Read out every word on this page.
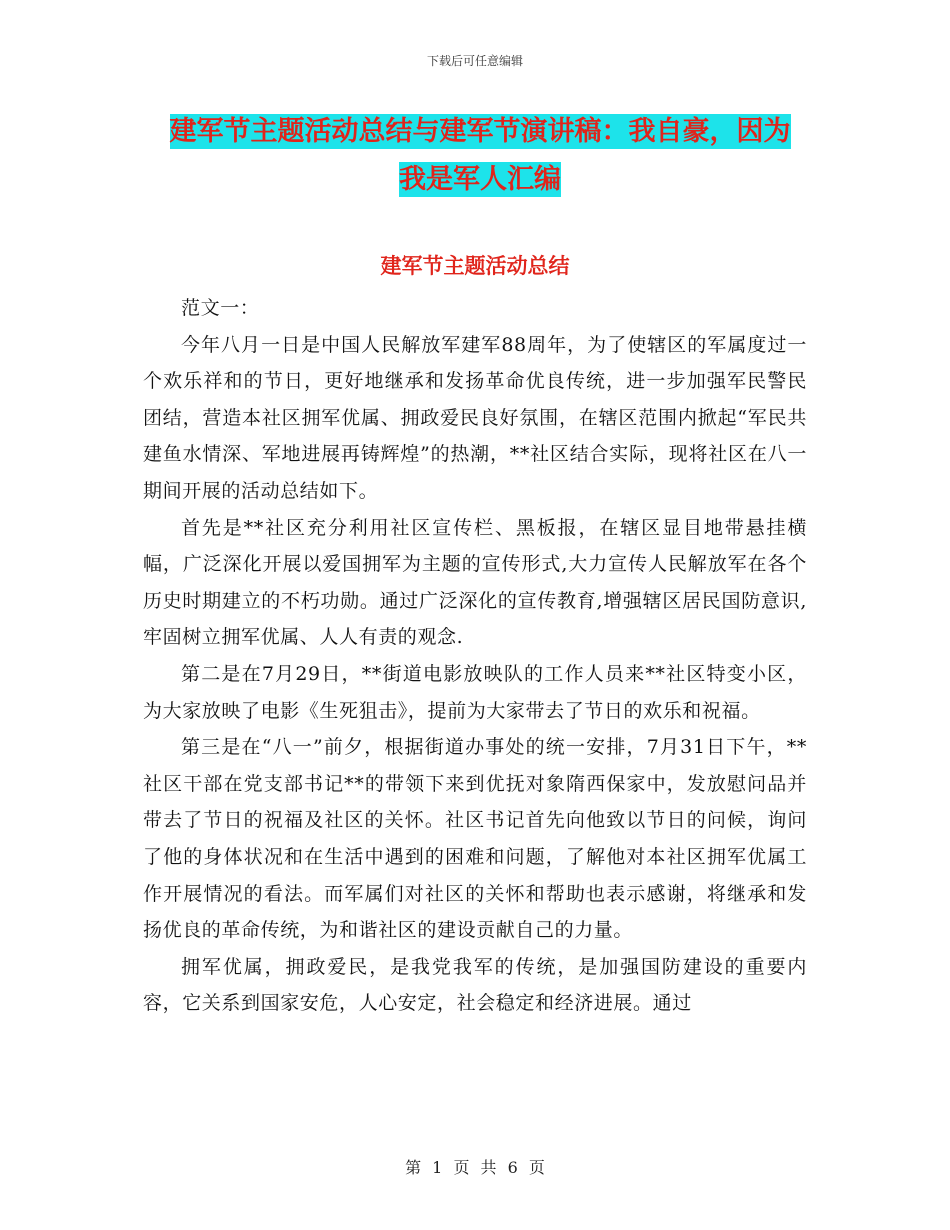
下载后可任意编辑
建军节主题活动总结与建军节演讲稿：我自豪，因为
我是军人汇编
建军节主题活动总结

范文一：

今年八月一日是中国人民解放军建军88周年，为了使辖区的军属度过一个欢乐祥和的节日，更好地继承和发扬革命优良传统，进一步加强军民警民团结，营造本社区拥军优属、拥政爱民良好氛围，在辖区范围内掀起“军民共建鱼水情深、军地进展再铸辉煌”的热潮，**社区结合实际，现将社区在八一期间开展的活动总结如下。

首先是**社区充分利用社区宣传栏、黑板报，在辖区显目地带悬挂横幅，广泛深化开展以爱国拥军为主题的宣传形式,大力宣传人民解放军在各个历史时期建立的不朽功勋。通过广泛深化的宣传教育,增强辖区居民国防意识,牢固树立拥军优属、人人有责的观念.

第二是在7月29日，**街道电影放映队的工作人员来**社区特变小区，为大家放映了电影《生死狙击》，提前为大家带去了节日的欢乐和祝福。

第三是在“八一”前夕，根据街道办事处的统一安排，7月31日下午，**社区干部在党支部书记**的带领下来到优抚对象隋西保家中，发放慰问品并带去了节日的祝福及社区的关怀。社区书记首先向他致以节日的问候，询问了他的身体状况和在生活中遇到的困难和问题，了解他对本社区拥军优属工作开展情况的看法。而军属们对社区的关怀和帮助也表示感谢，将继承和发扬优良的革命传统，为和谐社区的建设贡献自己的力量。

拥军优属，拥政爱民，是我党我军的传统，是加强国防建设的重要内容，它关系到国家安危，人心安定，社会稳定和经济进展。通过

第 1 页 共 6 页
